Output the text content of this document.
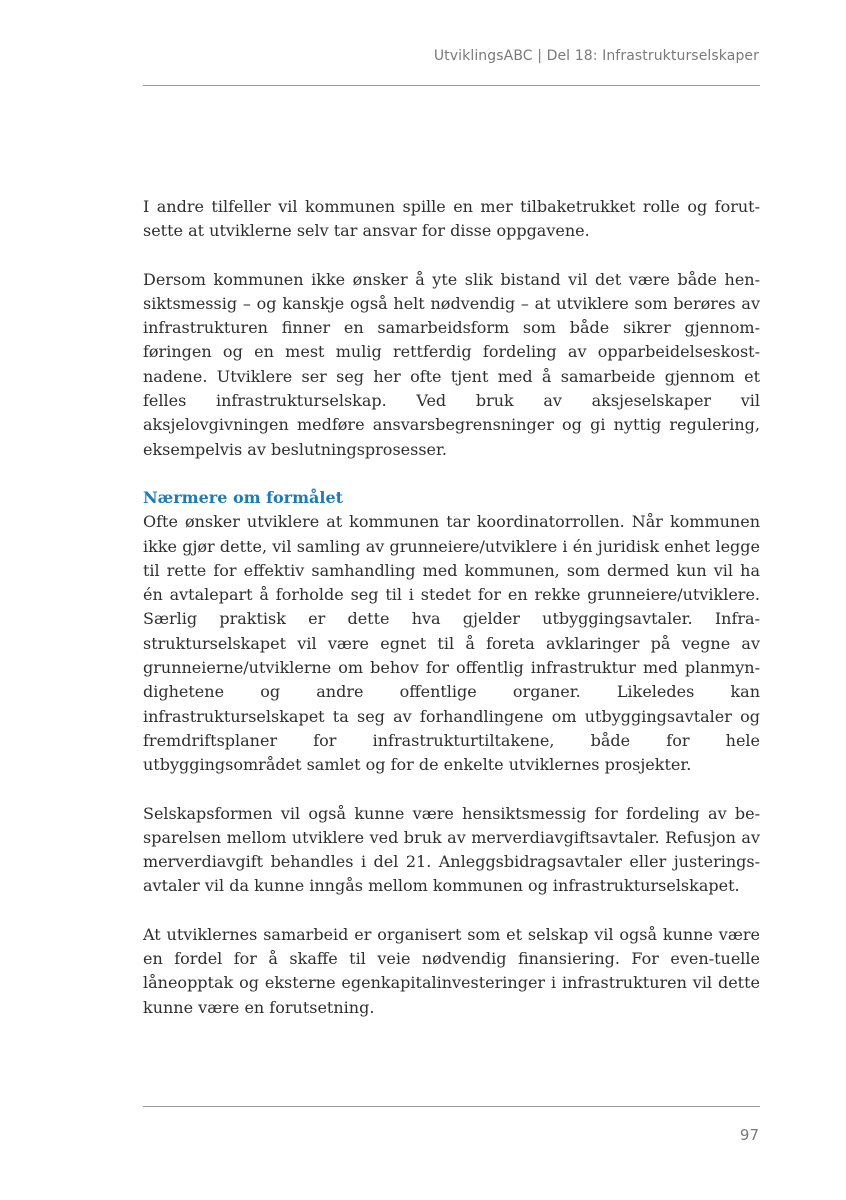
UtviklingsABC | Del 18: Infrastrukturselskaper

I andre tilfeller vil kommunen spille en mer tilbaketrukket rolle og forut-sette at utviklerne selv tar ansvar for disse oppgavene.

Dersom kommunen ikke ønsker å yte slik bistand vil det være både hen-siktsmessig – og kanskje også helt nødvendig – at utviklere som berøres av infrastrukturen finner en samarbeidsform som både sikrer gjennom-føringen og en mest mulig rettferdig fordeling av opparbeidelseskost-nadene. Utviklere ser seg her ofte tjent med å samarbeide gjennom et felles infrastrukturselskap. Ved bruk av aksjeselskaper vil aksjelovgivningen medføre ansvarsbegrensninger og gi nyttig regulering, eksempelvis av beslutningsprosesser.

Nærmere om formålet

Ofte ønsker utviklere at kommunen tar koordinatorrollen. Når kommunen ikke gjør dette, vil samling av grunneiere/utviklere i én juridisk enhet legge til rette for effektiv samhandling med kommunen, som dermed kun vil ha én avtalepart å forholde seg til i stedet for en rekke grunneiere/utviklere. Særlig praktisk er dette hva gjelder utbyggingsavtaler. Infra-strukturselskapet vil være egnet til å foreta avklaringer på vegne av grunneierne/utviklerne om behov for offentlig infrastruktur med planmyn-dighetene og andre offentlige organer. Likeledes kan infrastrukturselskapet ta seg av forhandlingene om utbyggingsavtaler og fremdriftsplaner for infrastrukturtiltakene, både for hele utbyggingsområdet samlet og for de enkelte utviklernes prosjekter.

Selskapsformen vil også kunne være hensiktsmessig for fordeling av be-sparelsen mellom utviklere ved bruk av merverdiavgiftsavtaler. Refusjon av merverdiavgift behandles i del 21. Anleggsbidragsavtaler eller justerings-avtaler vil da kunne inngås mellom kommunen og infrastrukturselskapet.

At utviklernes samarbeid er organisert som et selskap vil også kunne være en fordel for å skaffe til veie nødvendig finansiering. For even-tuelle låneopptak og eksterne egenkapitalinvesteringer i infrastrukturen vil dette kunne være en forutsetning.

97
